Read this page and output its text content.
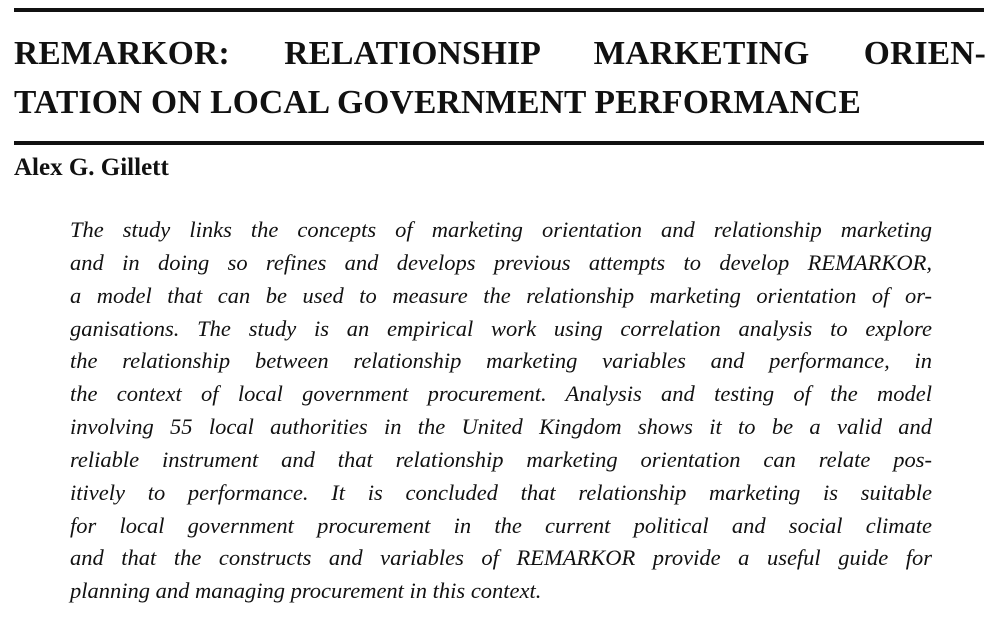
REMARKOR: RELATIONSHIP MARKETING ORIEN-
TATION ON LOCAL GOVERNMENT PERFORMANCE

Alex G. Gillett

The study links the concepts of marketing orientation and relationship marketing
and in doing so refines and develops previous attempts to develop REMARKOR,
a model that can be used to measure the relationship marketing orientation of or-
ganisations. The study is an empirical work using correlation analysis to explore
the relationship between relationship marketing variables and performance, in
the context of local government procurement. Analysis and testing of the model
involving 55 local authorities in the United Kingdom shows it to be a valid and
reliable instrument and that relationship marketing orientation can relate pos-
itively to performance. It is concluded that relationship marketing is suitable
for local government procurement in the current political and social climate
and that the constructs and variables of REMARKOR provide a useful guide for
planning and managing procurement in this context.
